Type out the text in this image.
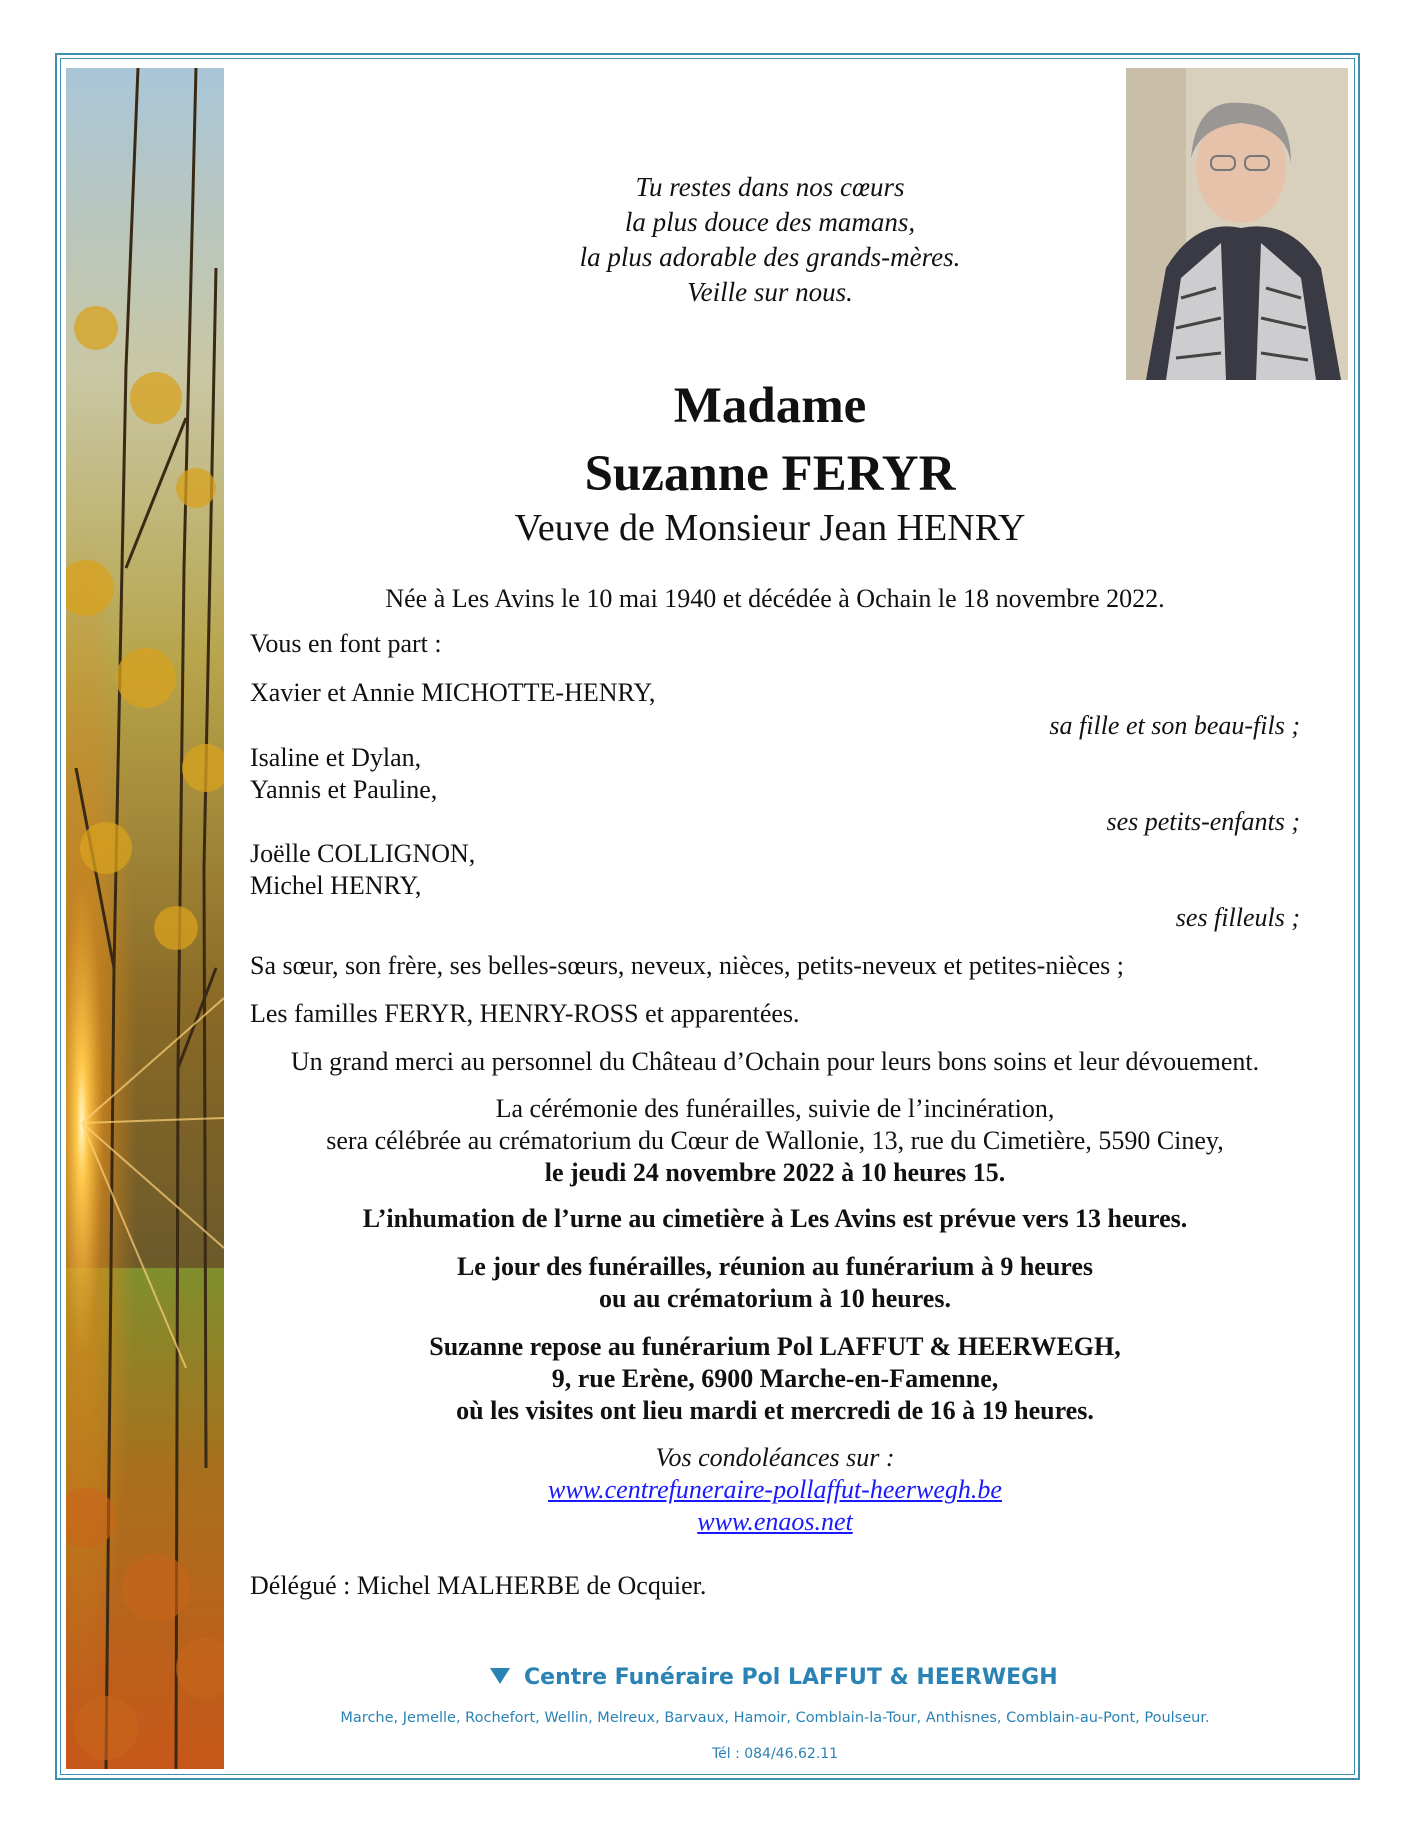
Tu restes dans nos cœurs
la plus douce des mamans,
la plus adorable des grands-mères.
Veille sur nous.
Madame
Suzanne FERYR
Veuve de Monsieur Jean HENRY
Née à Les Avins le 10 mai 1940 et décédée à Ochain le 18 novembre 2022.
Vous en font part :
Xavier et Annie MICHOTTE-HENRY,
sa fille et son beau-fils ;
Isaline et Dylan,
Yannis et Pauline,
ses petits-enfants ;
Joëlle COLLIGNON,
Michel HENRY,
ses filleuls ;
Sa sœur, son frère, ses belles-sœurs, neveux, nièces, petits-neveux et petites-nièces ;
Les familles FERYR, HENRY-ROSS et apparentées.
Un grand merci au personnel du Château d’Ochain pour leurs bons soins et leur dévouement.
La cérémonie des funérailles, suivie de l’incinération,
sera célébrée au crématorium du Cœur de Wallonie, 13, rue du Cimetière, 5590 Ciney,
le jeudi 24 novembre 2022 à 10 heures 15.
L’inhumation de l’urne au cimetière à Les Avins est prévue vers 13 heures.
Le jour des funérailles, réunion au funérarium à 9 heures
ou au crématorium à 10 heures.
Suzanne repose au funérarium Pol LAFFUT & HEERWEGH,
9, rue Erène, 6900 Marche-en-Famenne,
où les visites ont lieu mardi et mercredi de 16 à 19 heures.
Vos condoléances sur :
www.centrefuneraire-pollaffut-heerwegh.be
www.enaos.net
Délégué : Michel MALHERBE de Ocquier.
Centre Funéraire Pol LAFFUT & HEERWEGH
Marche, Jemelle, Rochefort, Wellin, Melreux, Barvaux, Hamoir, Comblain-la-Tour, Anthisnes, Comblain-au-Pont, Poulseur.
Tél : 084/46.62.11
